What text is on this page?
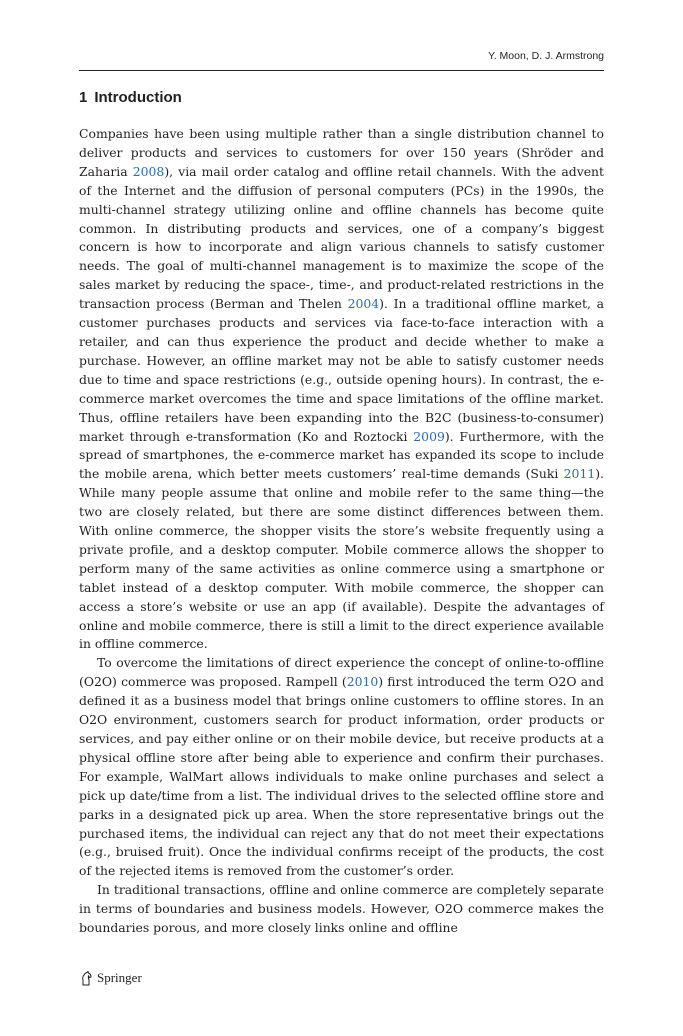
Y. Moon, D. J. Armstrong
1 Introduction

Companies have been using multiple rather than a single distribution channel to deliver products and services to customers for over 150 years (Shröder and Zaharia 2008), via mail order catalog and offline retail channels. With the advent of the Internet and the diffusion of personal computers (PCs) in the 1990s, the multi-channel strategy utilizing online and offline channels has become quite common. In distributing products and services, one of a company’s biggest concern is how to incorporate and align various channels to satisfy customer needs. The goal of multi-channel management is to maximize the scope of the sales market by reducing the space-, time-, and product-related restrictions in the transaction process (Berman and Thelen 2004). In a traditional offline market, a customer purchases products and services via face-to-face interaction with a retailer, and can thus experience the product and decide whether to make a purchase. However, an offline market may not be able to satisfy customer needs due to time and space restrictions (e.g., outside opening hours). In contrast, the e-commerce market overcomes the time and space limitations of the offline market. Thus, offline retailers have been expanding into the B2C (business-to-consumer) market through e-transformation (Ko and Roztocki 2009). Furthermore, with the spread of smartphones, the e-commerce market has expanded its scope to include the mobile arena, which better meets customers’ real-time demands (Suki 2011). While many people assume that online and mobile refer to the same thing—the two are closely related, but there are some distinct differences between them. With online commerce, the shopper visits the store’s website frequently using a private profile, and a desktop computer. Mobile commerce allows the shopper to perform many of the same activities as online commerce using a smartphone or tablet instead of a desktop computer. With mobile commerce, the shopper can access a store’s website or use an app (if available). Despite the advantages of online and mobile commerce, there is still a limit to the direct experience available in offline commerce.

To overcome the limitations of direct experience the concept of online-to-offline (O2O) commerce was proposed. Rampell (2010) first introduced the term O2O and defined it as a business model that brings online customers to offline stores. In an O2O environment, customers search for product information, order products or services, and pay either online or on their mobile device, but receive products at a physical offline store after being able to experience and confirm their purchases. For example, WalMart allows individuals to make online purchases and select a pick up date/time from a list. The individual drives to the selected offline store and parks in a designated pick up area. When the store representative brings out the purchased items, the individual can reject any that do not meet their expectations (e.g., bruised fruit). Once the individual confirms receipt of the products, the cost of the rejected items is removed from the customer’s order.

In traditional transactions, offline and online commerce are completely separate in terms of boundaries and business models. However, O2O commerce makes the boundaries porous, and more closely links online and offline

Springer
